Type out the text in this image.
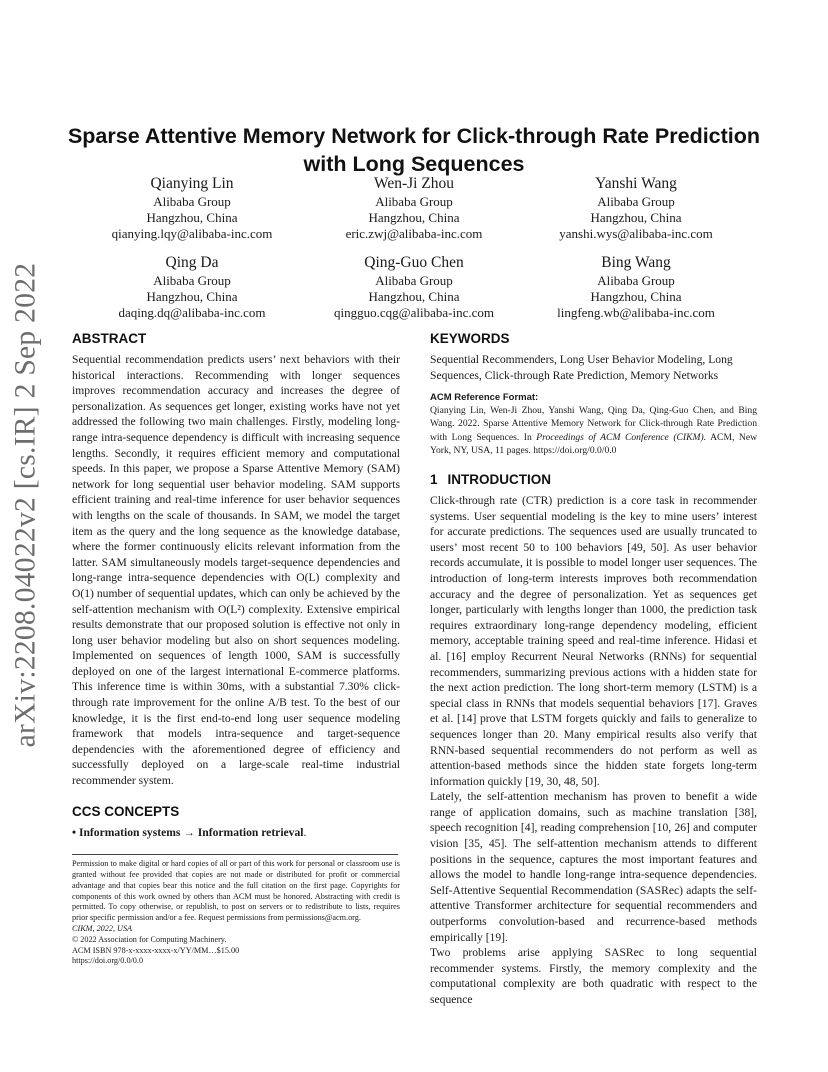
Sparse Attentive Memory Network for Click-through Rate Prediction with Long Sequences
Qianying Lin
Alibaba Group
Hangzhou, China
qianying.lqy@alibaba-inc.com
Wen-Ji Zhou
Alibaba Group
Hangzhou, China
eric.zwj@alibaba-inc.com
Yanshi Wang
Alibaba Group
Hangzhou, China
yanshi.wys@alibaba-inc.com
Qing Da
Alibaba Group
Hangzhou, China
daqing.dq@alibaba-inc.com
Qing-Guo Chen
Alibaba Group
Hangzhou, China
qingguo.cqg@alibaba-inc.com
Bing Wang
Alibaba Group
Hangzhou, China
lingfeng.wb@alibaba-inc.com
arXiv:2208.04022v2 [cs.IR] 2 Sep 2022 ABSTRACT

Sequential recommendation predicts users’ next behaviors with their historical interactions. Recommending with longer sequences improves recommendation accuracy and increases the degree of personalization. As sequences get longer, existing works have not yet addressed the following two main challenges. Firstly, modeling long-range intra-sequence dependency is difficult with increasing sequence lengths. Secondly, it requires efficient memory and computational speeds. In this paper, we propose a Sparse Attentive Memory (SAM) network for long sequential user behavior modeling. SAM supports efficient training and real-time inference for user behavior sequences with lengths on the scale of thousands. In SAM, we model the target item as the query and the long sequence as the knowledge database, where the former continuously elicits relevant information from the latter. SAM simultaneously models target-sequence dependencies and long-range intra-sequence dependencies with O(L) complexity and O(1) number of sequential updates, which can only be achieved by the self-attention mechanism with O(L²) complexity. Extensive empirical results demonstrate that our proposed solution is effective not only in long user behavior modeling but also on short sequences modeling. Implemented on sequences of length 1000, SAM is successfully deployed on one of the largest international E-commerce platforms. This inference time is within 30ms, with a substantial 7.30% click-through rate improvement for the online A/B test. To the best of our knowledge, it is the first end-to-end long user sequence modeling framework that models intra-sequence and target-sequence dependencies with the aforementioned degree of efficiency and successfully deployed on a large-scale real-time industrial recommender system.

CCS CONCEPTS
• Information systems → Information retrieval.

Permission to make digital or hard copies of all or part of this work for personal or classroom use is granted without fee provided that copies are not made or distributed for profit or commercial advantage and that copies bear this notice and the full citation on the first page. Copyrights for components of this work owned by others than ACM must be honored. Abstracting with credit is permitted. To copy otherwise, or republish, to post on servers or to redistribute to lists, requires prior specific permission and/or a fee. Request permissions from permissions@acm.org.

CIKM, 2022, USA
© 2022 Association for Computing Machinery.
ACM ISBN 978-x-xxxx-xxxx-x/YY/MM…$15.00
https://doi.org/0.0/0.0
KEYWORDS

Sequential Recommenders, Long User Behavior Modeling, Long Sequences, Click-through Rate Prediction, Memory Networks

ACM Reference Format:

Qianying Lin, Wen-Ji Zhou, Yanshi Wang, Qing Da, Qing-Guo Chen, and Bing Wang. 2022. Sparse Attentive Memory Network for Click-through Rate Prediction with Long Sequences. In Proceedings of ACM Conference (CIKM). ACM, New York, NY, USA, 11 pages. https://doi.org/0.0/0.0

1 INTRODUCTION

Click-through rate (CTR) prediction is a core task in recommender systems. User sequential modeling is the key to mine users’ interest for accurate predictions. The sequences used are usually truncated to users’ most recent 50 to 100 behaviors [49, 50]. As user behavior records accumulate, it is possible to model longer user sequences. The introduction of long-term interests improves both recommendation accuracy and the degree of personalization. Yet as sequences get longer, particularly with lengths longer than 1000, the prediction task requires extraordinary long-range dependency modeling, efficient memory, acceptable training speed and real-time inference. Hidasi et al. [16] employ Recurrent Neural Networks (RNNs) for sequential recommenders, summarizing previous actions with a hidden state for the next action prediction. The long short-term memory (LSTM) is a special class in RNNs that models sequential behaviors [17]. Graves et al. [14] prove that LSTM forgets quickly and fails to generalize to sequences longer than 20. Many empirical results also verify that RNN-based sequential recommenders do not perform as well as attention-based methods since the hidden state forgets long-term information quickly [19, 30, 48, 50].

Lately, the self-attention mechanism has proven to benefit a wide range of application domains, such as machine translation [38], speech recognition [4], reading comprehension [10, 26] and computer vision [35, 45]. The self-attention mechanism attends to different positions in the sequence, captures the most important features and allows the model to handle long-range intra-sequence dependencies. Self-Attentive Sequential Recommendation (SASRec) adapts the self-attentive Transformer architecture for sequential recommenders and outperforms convolution-based and recurrence-based methods empirically [19].

Two problems arise applying SASRec to long sequential recommender systems. Firstly, the memory complexity and the computational complexity are both quadratic with respect to the sequence
